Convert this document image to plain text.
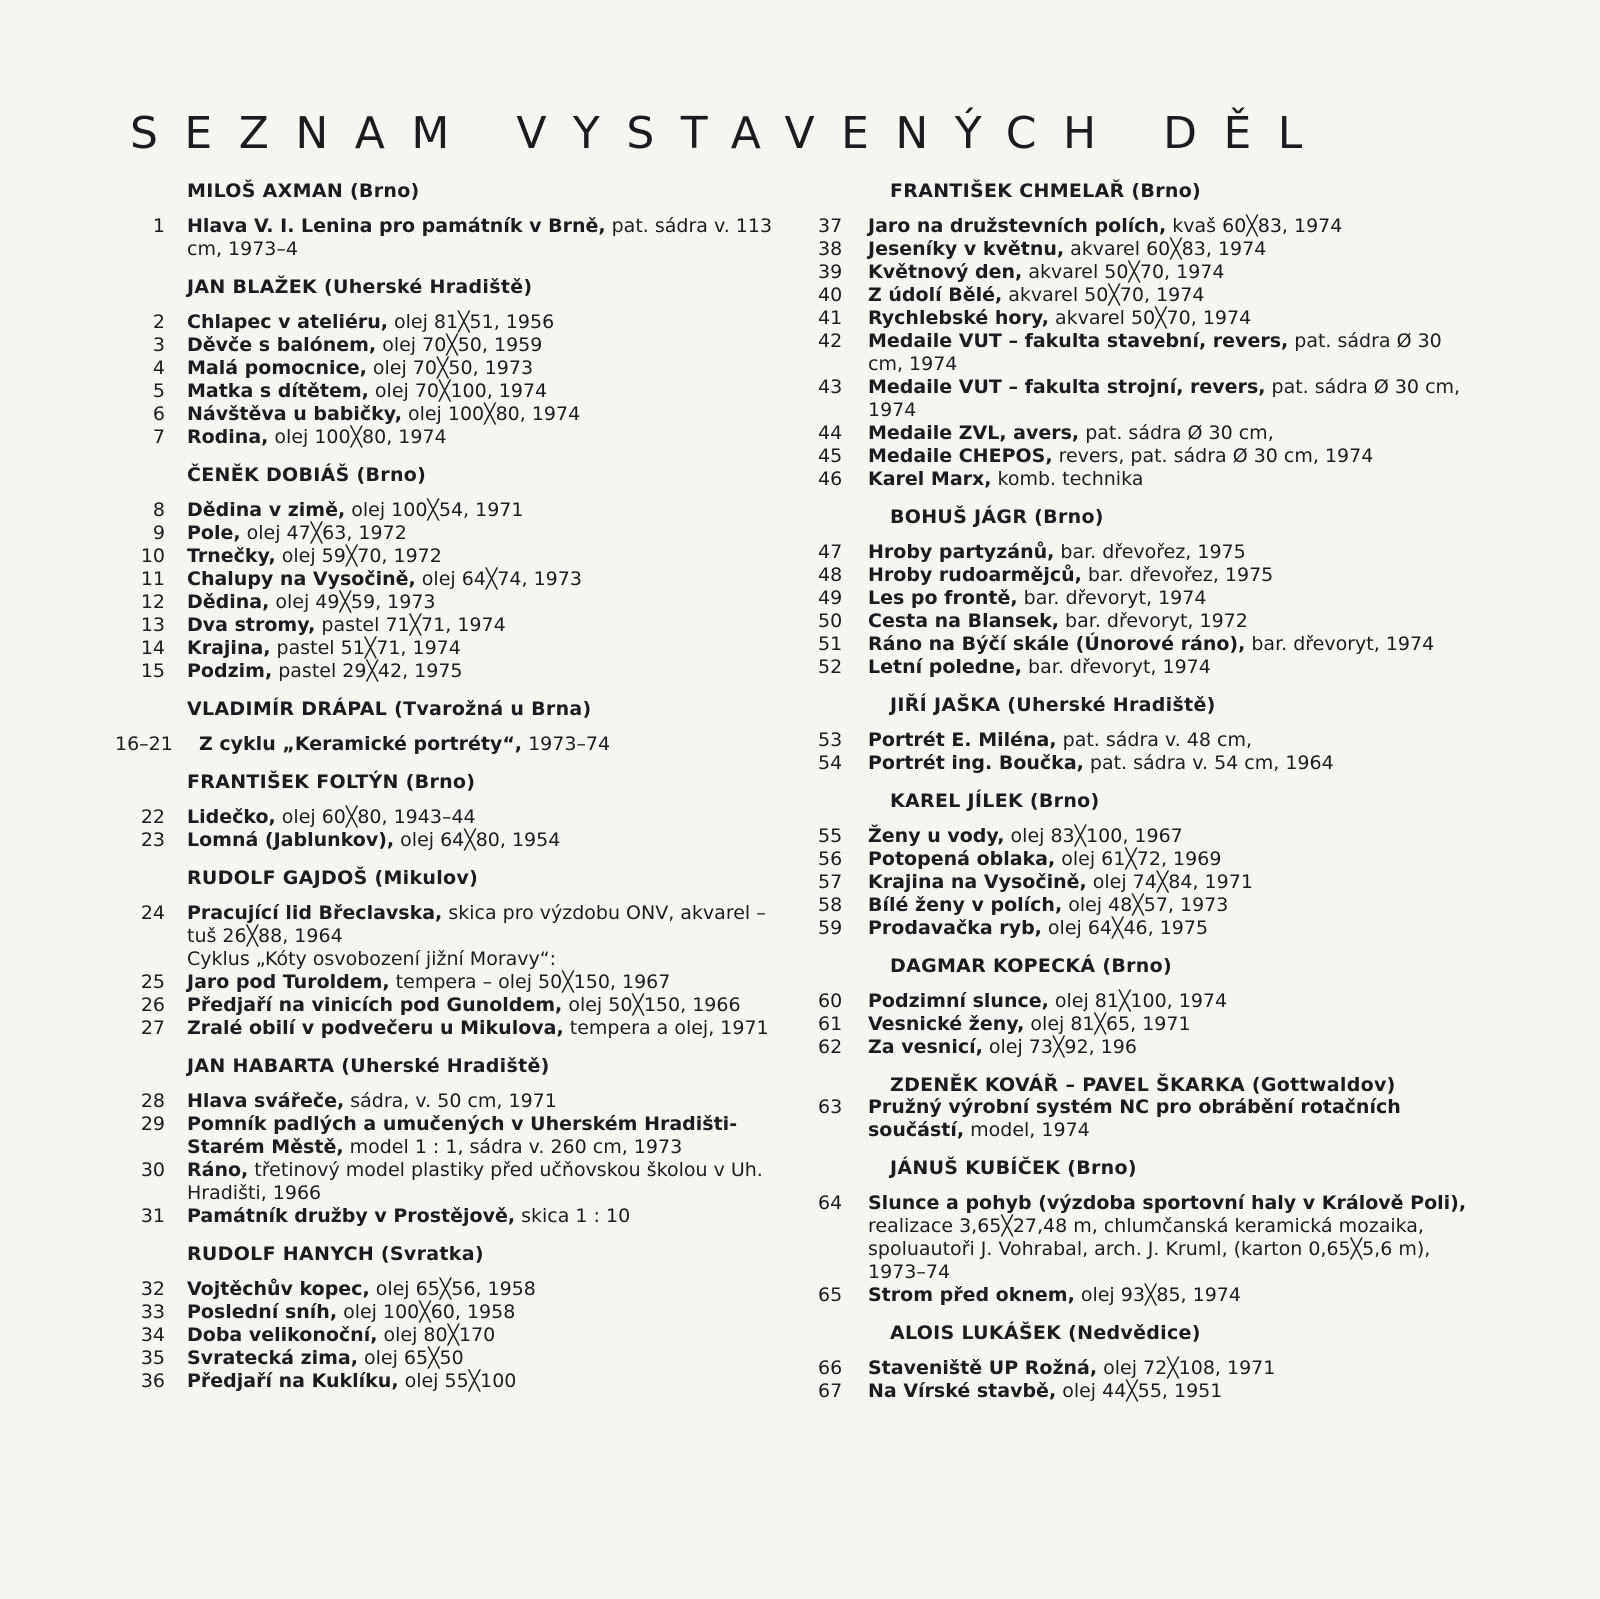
SEZNAM VYSTAVENÝCH DĚL
MILOŠ AXMAN (Brno)
1	Hlava V. I. Lenina pro památník v Brně, pat. sádra v. 113 cm, 1973–4
JAN BLAŽEK (Uherské Hradiště)
2	Chlapec v ateliéru, olej 81╳51, 1956
3	Děvče s balónem, olej 70╳50, 1959
4	Malá pomocnice, olej 70╳50, 1973
5	Matka s dítětem, olej 70╳100, 1974
6	Návštěva u babičky, olej 100╳80, 1974
7	Rodina, olej 100╳80, 1974
ČENĚK DOBIÁŠ (Brno)
8	Dědina v zimě, olej 100╳54, 1971
9	Pole, olej 47╳63, 1972
10	Trnečky, olej 59╳70, 1972
11	Chalupy na Vysočině, olej 64╳74, 1973
12	Dědina, olej 49╳59, 1973
13	Dva stromy, pastel 71╳71, 1974
14	Krajina, pastel 51╳71, 1974
15	Podzim, pastel 29╳42, 1975
VLADIMÍR DRÁPAL (Tvarožná u Brna)
16–21	Z cyklu „Keramické portréty“, 1973–74
FRANTIŠEK FOLTÝN (Brno)
22	Lidečko, olej 60╳80, 1943–44
23	Lomná (Jablunkov), olej 64╳80, 1954
RUDOLF GAJDOŠ (Mikulov)
24	Pracující lid Břeclavska, skica pro výzdobu ONV, akvarel – tuš 26╳88, 1964
Cyklus „Kóty osvobození jižní Moravy“:
25	Jaro pod Turoldem, tempera – olej 50╳150, 1967
26	Předjaří na vinicích pod Gunoldem, olej 50╳150, 1966
27	Zralé obilí v podvečeru u Mikulova, tempera a olej, 1971
JAN HABARTA (Uherské Hradiště)
28	Hlava svářeče, sádra, v. 50 cm, 1971
29	Pomník padlých a umučených v Uherském Hradišti-Starém Městě, model 1 : 1, sádra v. 260 cm, 1973
30	Ráno, třetinový model plastiky před učňovskou školou v Uh. Hradišti, 1966
31	Památník družby v Prostějově, skica 1 : 10
RUDOLF HANYCH (Svratka)
32	Vojtěchův kopec, olej 65╳56, 1958
33	Poslední sníh, olej 100╳60, 1958
34	Doba velikonoční, olej 80╳170
35	Svratecká zima, olej 65╳50
36	Předjaří na Kuklíku, olej 55╳100
FRANTIŠEK CHMELAŘ (Brno)
37	Jaro na družstevních polích, kvaš 60╳83, 1974
38	Jeseníky v květnu, akvarel 60╳83, 1974
39	Květnový den, akvarel 50╳70, 1974
40	Z údolí Bělé, akvarel 50╳70, 1974
41	Rychlebské hory, akvarel 50╳70, 1974
42	Medaile VUT – fakulta stavební, revers, pat. sádra Ø 30 cm, 1974
43	Medaile VUT – fakulta strojní, revers, pat. sádra Ø 30 cm, 1974
44	Medaile ZVL, avers, pat. sádra Ø 30 cm,
45	Medaile CHEPOS, revers, pat. sádra Ø 30 cm, 1974
46	Karel Marx, komb. technika
BOHUŠ JÁGR (Brno)
47	Hroby partyzánů, bar. dřevořez, 1975
48	Hroby rudoarmějců, bar. dřevořez, 1975
49	Les po frontě, bar. dřevoryt, 1974
50	Cesta na Blansek, bar. dřevoryt, 1972
51	Ráno na Býčí skále (Únorové ráno), bar. dřevoryt, 1974
52	Letní poledne, bar. dřevoryt, 1974
JIŘÍ JAŠKA (Uherské Hradiště)
53	Portrét E. Miléna, pat. sádra v. 48 cm,
54	Portrét ing. Boučka, pat. sádra v. 54 cm, 1964
KAREL JÍLEK (Brno)
55	Ženy u vody, olej 83╳100, 1967
56	Potopená oblaka, olej 61╳72, 1969
57	Krajina na Vysočině, olej 74╳84, 1971
58	Bílé ženy v polích, olej 48╳57, 1973
59	Prodavačka ryb, olej 64╳46, 1975
DAGMAR KOPECKÁ (Brno)
60	Podzimní slunce, olej 81╳100, 1974
61	Vesnické ženy, olej 81╳65, 1971
62	Za vesnicí, olej 73╳92, 196
ZDENĚK KOVÁŘ – PAVEL ŠKARKA (Gottwaldov)
63	Pružný výrobní systém NC pro obrábění rotačních součástí, model, 1974
JÁNUŠ KUBÍČEK (Brno)
64	Slunce a pohyb (výzdoba sportovní haly v Králově Poli), realizace 3,65╳27,48 m, chlumčanská keramická mozaika, spoluautoři J. Vohrabal, arch. J. Kruml, (karton 0,65╳5,6 m), 1973–74
65	Strom před oknem, olej 93╳85, 1974
ALOIS LUKÁŠEK (Nedvědice)
66	Staveniště UP Rožná, olej 72╳108, 1971
67	Na Vírské stavbě, olej 44╳55, 1951
